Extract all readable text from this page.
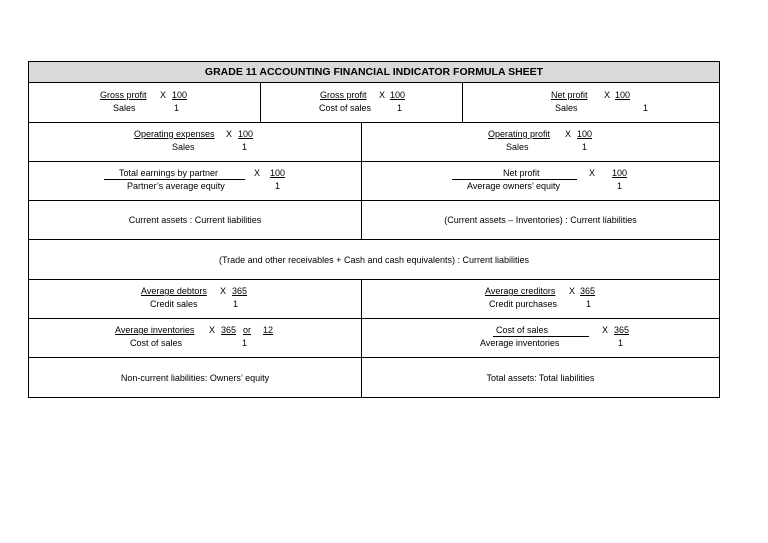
GRADE 11 ACCOUNTING FINANCIAL INDICATOR FORMULA SHEET
Gross profit X 100
Sales	1
Gross profit X 100
Cost of sales	1
Net profit X 100
Sales	1
Operating expenses X 100
Sales	1
Operating profit X 100
Sales	1
Total earnings by partner	X 100
Partner’s average equity	1
Net profit	X 100
Average owners’ equity	1
Current assets : Current liabilities	(Current assets – Inventories) : Current liabilities
(Trade and other receivables + Cash and cash equivalents) : Current liabilities
Average debtors X 365
Credit sales	1
Average creditors X 365
Credit purchases	1
Average inventories X 365 or 12
Cost of sales	1
Cost of sales	X 365
Average inventories	1
Non-current liabilities: Owners’ equity	Total assets: Total liabilities
